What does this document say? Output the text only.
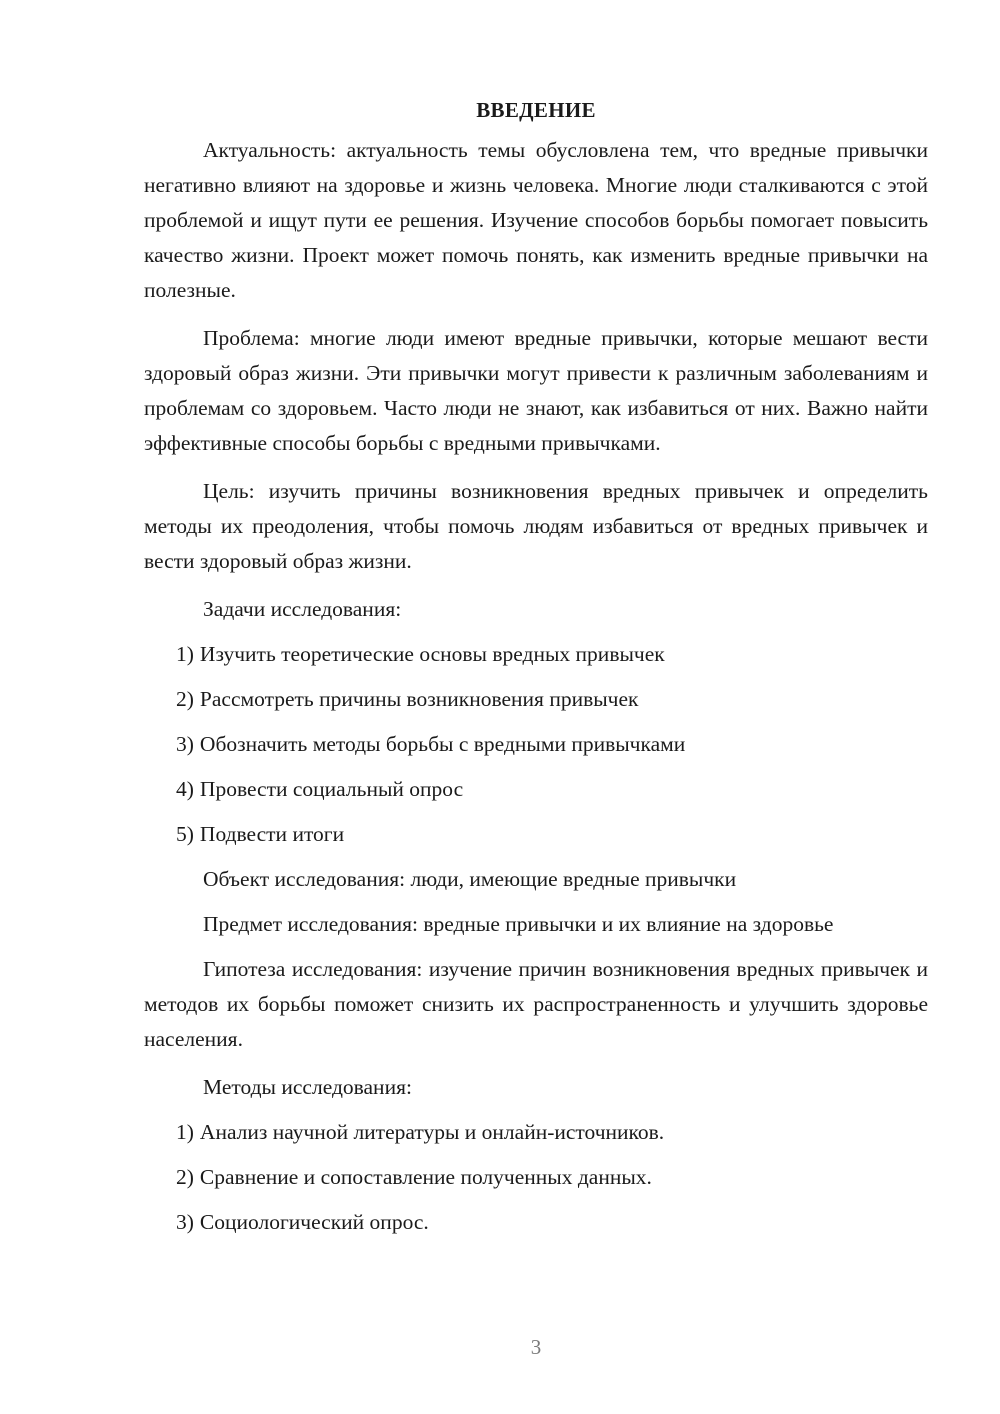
ВВЕДЕНИЕ

Актуальность: актуальность темы обусловлена тем, что вредные привычки негативно влияют на здоровье и жизнь человека. Многие люди сталкиваются с этой проблемой и ищут пути ее решения. Изучение способов борьбы помогает повысить качество жизни. Проект может помочь понять, как изменить вредные привычки на полезные.

Проблема: многие люди имеют вредные привычки, которые мешают вести здоровый образ жизни. Эти привычки могут привести к различным заболеваниям и проблемам со здоровьем. Часто люди не знают, как избавиться от них. Важно найти эффективные способы борьбы с вредными привычками.

Цель: изучить причины возникновения вредных привычек и определить методы их преодоления, чтобы помочь людям избавиться от вредных привычек и вести здоровый образ жизни.

Задачи исследования:

1) Изучить теоретические основы вредных привычек
2) Рассмотреть причины возникновения привычек
3) Обозначить методы борьбы с вредными привычками
4) Провести социальный опрос
5) Подвести итоги

Объект исследования: люди, имеющие вредные привычки

Предмет исследования: вредные привычки и их влияние на здоровье

Гипотеза исследования: изучение причин возникновения вредных привычек и методов их борьбы поможет снизить их распространенность и улучшить здоровье населения.

Методы исследования:

1) Анализ научной литературы и онлайн-источников.
2) Сравнение и сопоставление полученных данных.
3) Социологический опрос.
3
